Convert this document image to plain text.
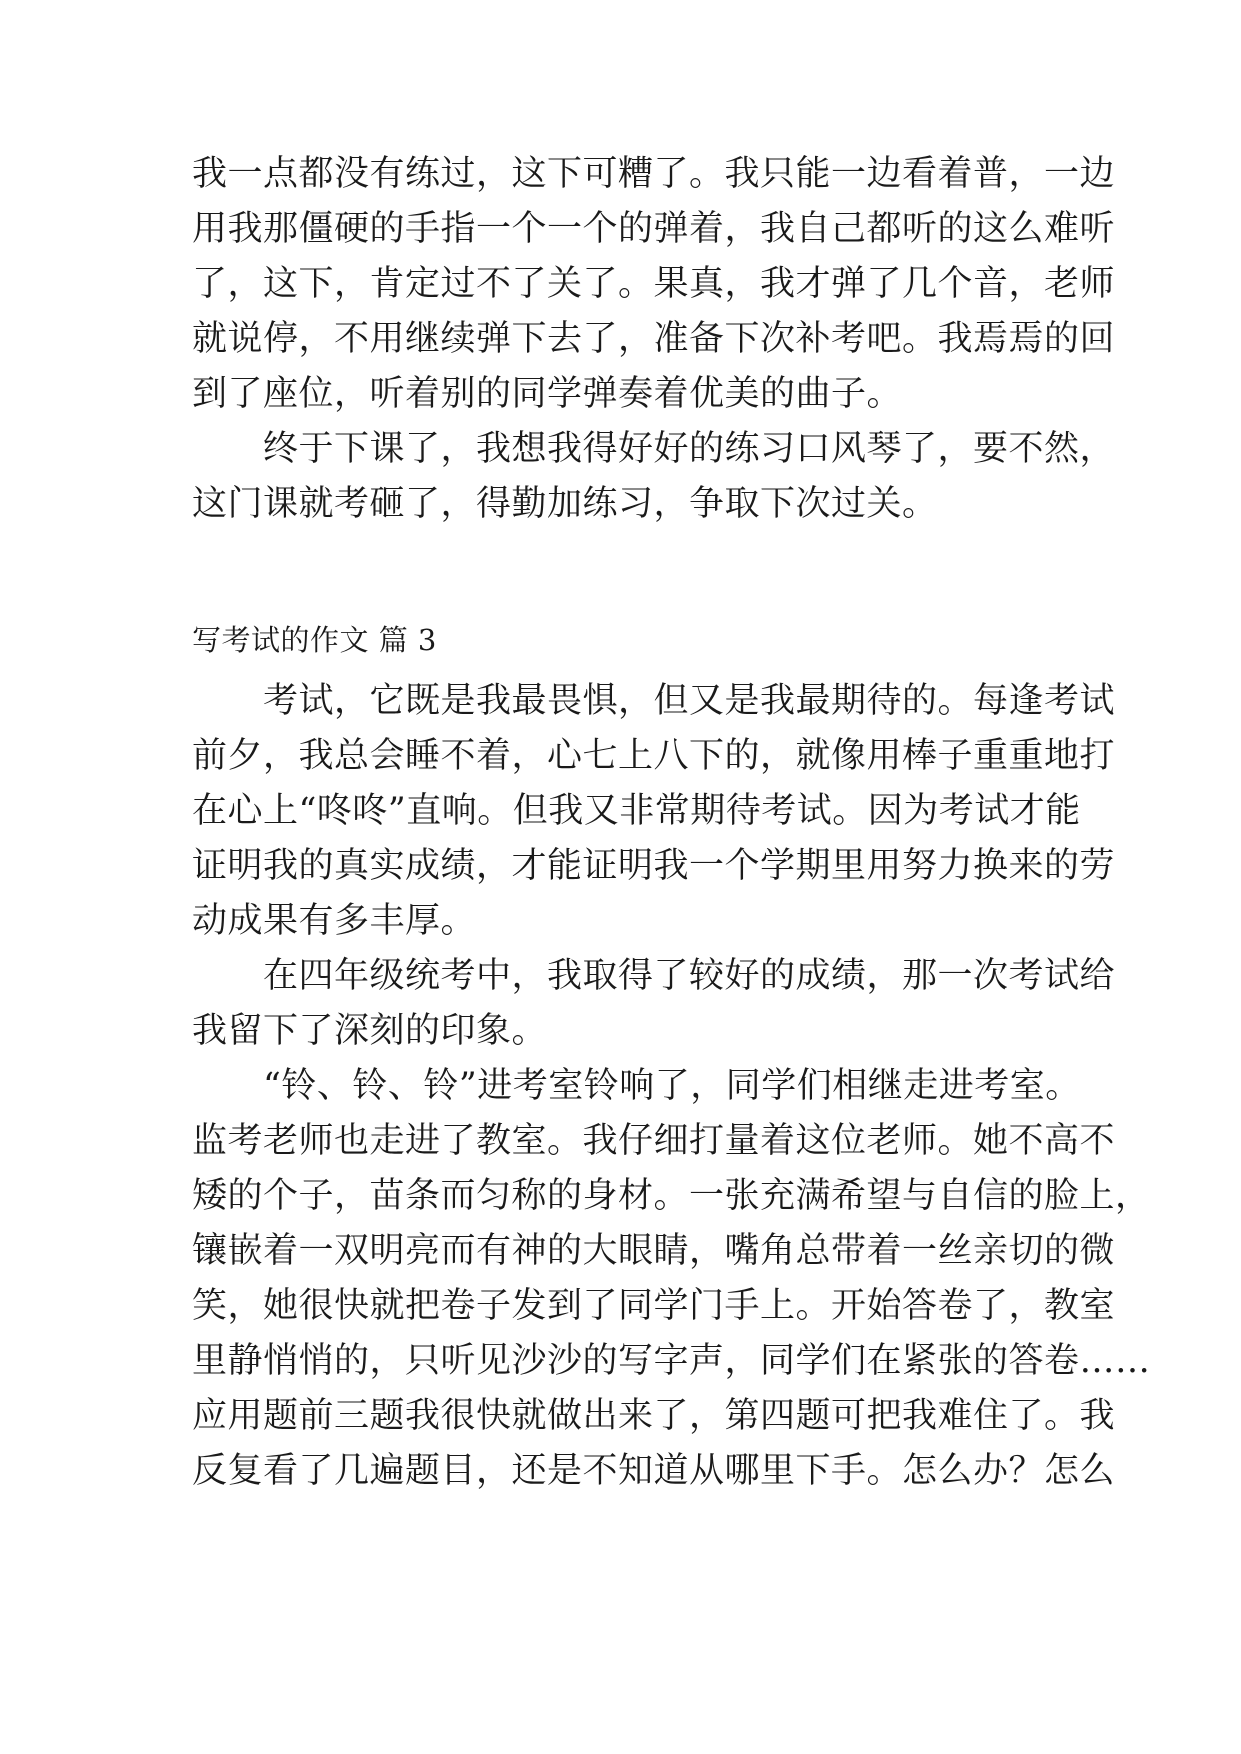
我一点都没有练过，这下可糟了。我只能一边看着普，一边
用我那僵硬的手指一个一个的弹着，我自己都听的这么难听
了，这下，肯定过不了关了。果真，我才弹了几个音，老师
就说停，不用继续弹下去了，准备下次补考吧。我焉焉的回
到了座位，听着别的同学弹奏着优美的曲子。
　　终于下课了，我想我得好好的练习口风琴了，要不然，
这门课就考砸了，得勤加练习，争取下次过关。
写考试的作文 篇 3
　　考试，它既是我最畏惧，但又是我最期待的。每逢考试
前夕，我总会睡不着，心七上八下的，就像用棒子重重地打
在心上“咚咚”直响。但我又非常期待考试。因为考试才能
证明我的真实成绩，才能证明我一个学期里用努力换来的劳
动成果有多丰厚。
　　在四年级统考中，我取得了较好的成绩，那一次考试给
我留下了深刻的印象。
　　“铃、铃、铃”进考室铃响了，同学们相继走进考室。
监考老师也走进了教室。我仔细打量着这位老师。她不高不
矮的个子，苗条而匀称的身材。一张充满希望与自信的脸上，
镶嵌着一双明亮而有神的大眼睛，嘴角总带着一丝亲切的微
笑，她很快就把卷子发到了同学门手上。开始答卷了，教室
里静悄悄的，只听见沙沙的写字声，同学们在紧张的答卷……
应用题前三题我很快就做出来了，第四题可把我难住了。我
反复看了几遍题目，还是不知道从哪里下手。怎么办？怎么
